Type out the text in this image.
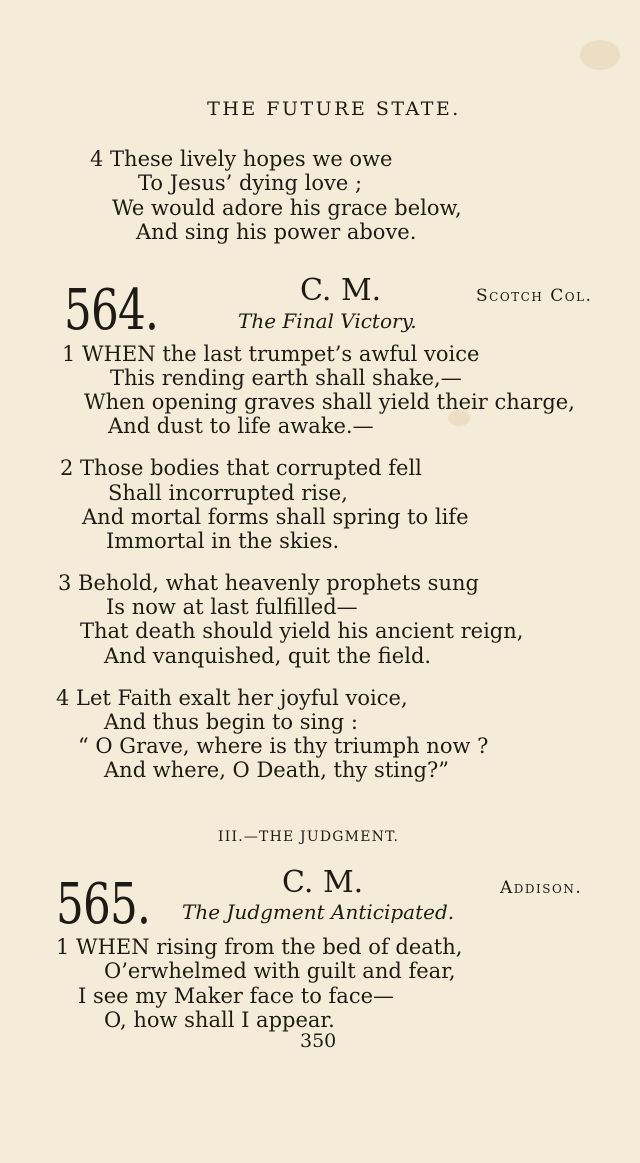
THE FUTURE STATE.
4 These lively hopes we owe
To Jesus’ dying love ;
We would adore his grace below,
And sing his power above.
564.	C. M.	Scotch Col.
The Final Victory.
1 WHEN the last trumpet’s awful voice
This rending earth shall shake,—
When opening graves shall yield their charge,
And dust to life awake.—
2 Those bodies that corrupted fell
Shall incorrupted rise,
And mortal forms shall spring to life
Immortal in the skies.
3 Behold, what heavenly prophets sung
Is now at last fulfilled—
That death should yield his ancient reign,
And vanquished, quit the field.
4 Let Faith exalt her joyful voice,
And thus begin to sing :
“ O Grave, where is thy triumph now ?
And where, O Death, thy sting?”
III.—THE JUDGMENT.
565.	C. M.	Addison.
The Judgment Anticipated.
1 WHEN rising from the bed of death,
O’erwhelmed with guilt and fear,
I see my Maker face to face—
O, how shall I appear.
350
